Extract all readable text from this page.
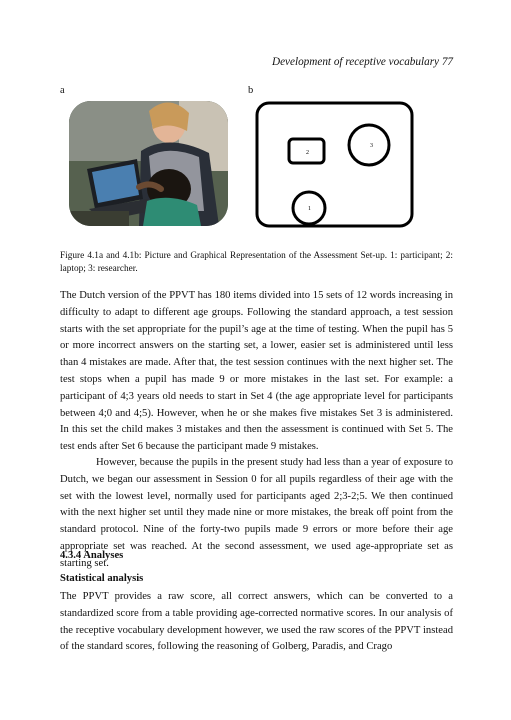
Development of receptive vocabulary 77
a	b
2
3
1
Figure 4.1a and 4.1b: Picture and Graphical Representation of the Assessment Set-up. 1: participant; 2: laptop; 3: researcher.

The Dutch version of the PPVT has 180 items divided into 15 sets of 12 words increasing in difficulty to adapt to different age groups. Following the standard approach, a test session starts with the set appropriate for the pupil’s age at the time of testing. When the pupil has 5 or more incorrect answers on the starting set, a lower, easier set is administered until less than 4 mistakes are made. After that, the test session continues with the next higher set. The test stops when a pupil has made 9 or more mistakes in the last set. For example: a participant of 4;3 years old needs to start in Set 4 (the age appropriate level for participants between 4;0 and 4;5). However, when he or she makes five mistakes Set 3 is administered. In this set the child makes 3 mistakes and then the assessment is continued with Set 5. The test ends after Set 6 because the participant made 9 mistakes.

However, because the pupils in the present study had less than a year of exposure to Dutch, we began our assessment in Session 0 for all pupils regardless of their age with the set with the lowest level, normally used for participants aged 2;3-2;5. We then continued with the next higher set until they made nine or more mistakes, the break off point from the standard protocol. Nine of the forty-two pupils made 9 errors or more before their age appropriate set was reached. At the second assessment, we used age-appropriate set as starting set.

4.3.4 Analyses
Statistical analysis

The PPVT provides a raw score, all correct answers, which can be converted to a standardized score from a table providing age-corrected normative scores. In our analysis of the receptive vocabulary development however, we used the raw scores of the PPVT instead of the standard scores, following the reasoning of Golberg, Paradis, and Crago
